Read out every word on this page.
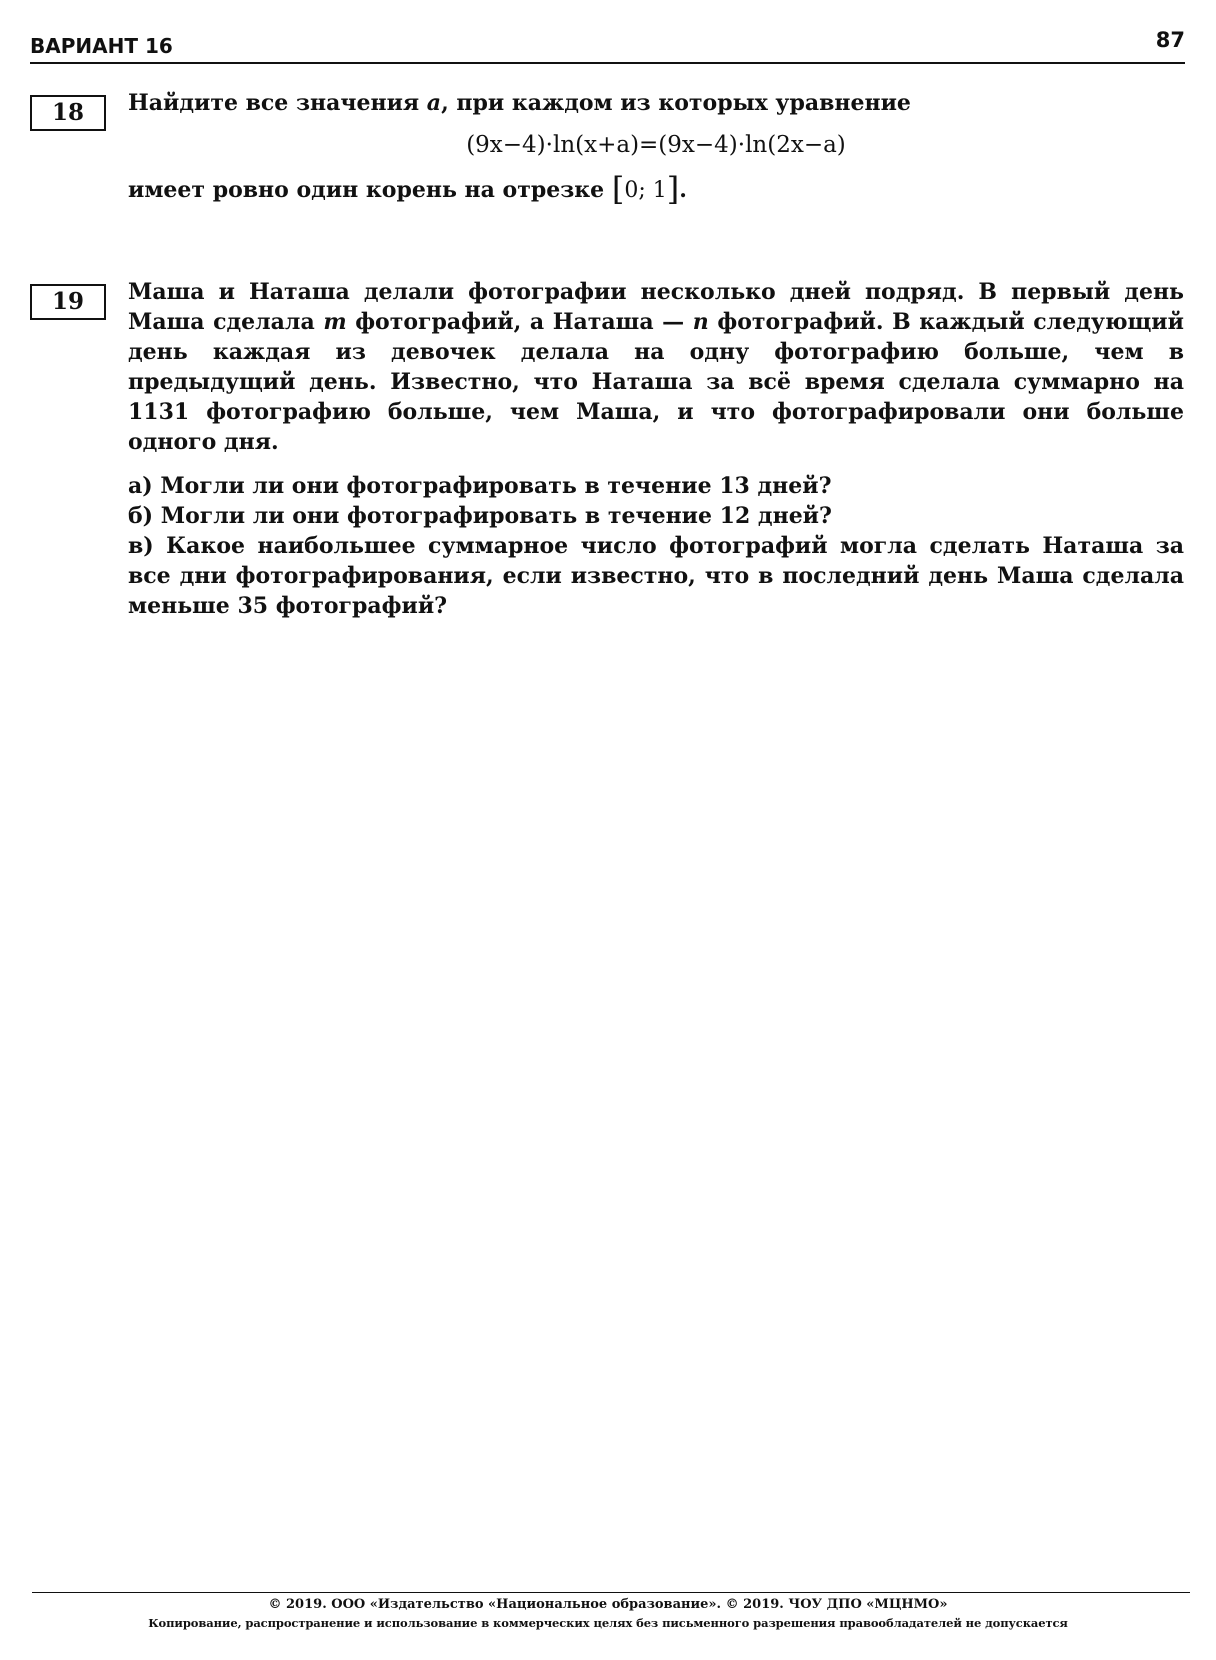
ВАРИАНТ 16	87
18	Найдите все значения a, при каждом из которых уравнение
(9x−4)·ln(x+a)=(9x−4)·ln(2x−a)
имеет ровно один корень на отрезке [0; 1].
19	Маша и Наташа делали фотографии несколько дней подряд. В первый день Маша сделала m фотографий, а Наташа — n фотографий. В каждый следующий день каждая из девочек делала на одну фотографию больше, чем в предыдущий день. Известно, что Наташа за всё время сделала суммарно на 1131 фотографию больше, чем Маша, и что фотографировали они больше одного дня.
а) Могли ли они фотографировать в течение 13 дней?
б) Могли ли они фотографировать в течение 12 дней?
в) Какое наибольшее суммарное число фотографий могла сделать Наташа за все дни фотографирования, если известно, что в последний день Маша сделала меньше 35 фотографий?
© 2019. ООО «Издательство «Национальное образование». © 2019. ЧОУ ДПО «МЦНМО»
Копирование, распространение и использование в коммерческих целях без письменного разрешения правообладателей не допускается
